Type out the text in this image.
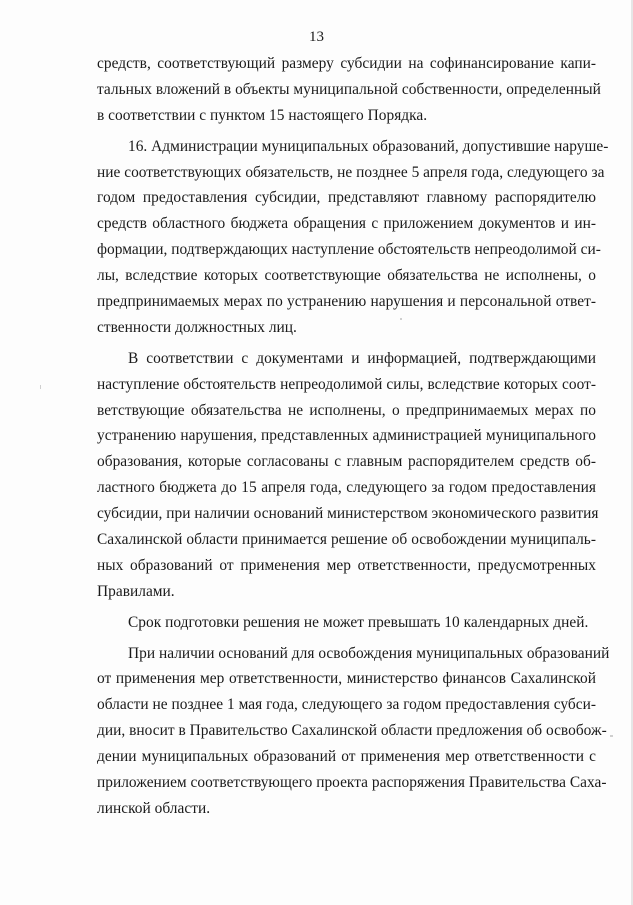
13
средств, соответствующий размеру субсидии на софинансирование капи-
тальных вложений в объекты муниципальной собственности, определенный
в соответствии с пунктом 15 настоящего Порядка.
16. Администрации муниципальных образований, допустившие наруше-
ние соответствующих обязательств, не позднее 5 апреля года, следующего за
годом предоставления субсидии, представляют главному распорядителю
средств областного бюджета обращения с приложением документов и ин-
формации, подтверждающих наступление обстоятельств непреодолимой си-
лы, вследствие которых соответствующие обязательства не исполнены, о
предпринимаемых мерах по устранению нарушения и персональной ответ-
ственности должностных лиц.
В соответствии с документами и информацией, подтверждающими
наступление обстоятельств непреодолимой силы, вследствие которых соот-
ветствующие обязательства не исполнены, о предпринимаемых мерах по
устранению нарушения, представленных администрацией муниципального
образования, которые согласованы с главным распорядителем средств об-
ластного бюджета до 15 апреля года, следующего за годом предоставления
субсидии, при наличии оснований министерством экономического развития
Сахалинской области принимается решение об освобождении муниципаль-
ных образований от применения мер ответственности, предусмотренных
Правилами.
Срок подготовки решения не может превышать 10 календарных дней.
При наличии оснований для освобождения муниципальных образований
от применения мер ответственности, министерство финансов Сахалинской
области не позднее 1 мая года, следующего за годом предоставления субси-
дии, вносит в Правительство Сахалинской области предложения об освобож-
дении муниципальных образований от применения мер ответственности с
приложением соответствующего проекта распоряжения Правительства Саха-
линской области.
